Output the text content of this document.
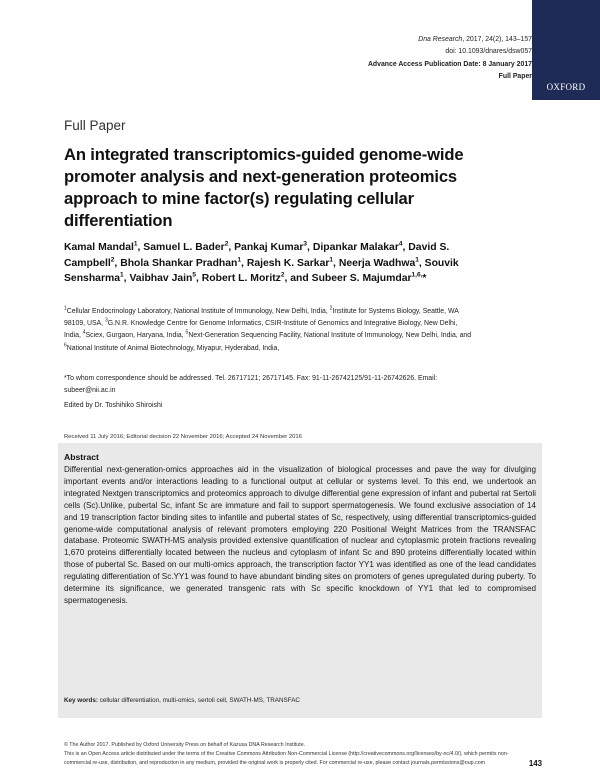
Dna Research, 2017, 24(2), 143–157
doi: 10.1093/dnares/dsw057
Advance Access Publication Date: 8 January 2017
Full Paper
OXFORD
Full Paper
An integrated transcriptomics-guided genome-wide promoter analysis and next-generation proteomics approach to mine factor(s) regulating cellular differentiation
Kamal Mandal$^1$, Samuel L. Bader$^2$, Pankaj Kumar$^3$, Dipankar Malakar$^4$, David S. Campbell$^2$, Bhola Shankar Pradhan$^1$, Rajesh K. Sarkar$^1$, Neerja Wadhwa$^1$, Souvik Sensharma$^1$, Vaibhav Jain$^5$, Robert L. Moritz$^2$, and Subeer S. Majumdar$^{1,6,}$*
$^1$Cellular Endocrinology Laboratory, National Institute of Immunology, New Delhi, India, $^2$Institute for Systems Biology, Seattle, WA 98109, USA, $^3$G.N.R. Knowledge Centre for Genome Informatics, CSIR-Institute of Genomics and Integrative Biology, New Delhi, India, $^4$Sciex, Gurgaon, Haryana, India, $^5$Next-Generation Sequencing Facility, National Institute of Immunology, New Delhi, India, and $^6$National Institute of Animal Biotechnology, Miyapur, Hyderabad, India,
*To whom correspondence should be addressed. Tel. 26717121; 26717145. Fax: 91-11-26742125/91-11-26742626. Email: subeer@nii.ac.in
Edited by Dr. Toshihiko Shiroishi
Received 11 July 2016; Editorial decision 22 November 2016; Accepted 24 November 2016
Abstract
Differential next-generation-omics approaches aid in the visualization of biological processes and pave the way for divulging important events and/or interactions leading to a functional output at cellular or systems level. To this end, we undertook an integrated Nextgen transcriptomics and proteomics approach to divulge differential gene expression of infant and pubertal rat Sertoli cells (Sc).Unlike, pubertal Sc, infant Sc are immature and fail to support spermatogenesis. We found exclusive association of 14 and 19 transcription factor binding sites to infantile and pubertal states of Sc, respectively, using differential transcriptomics-guided genome-wide computational analysis of relevant promoters employing 220 Positional Weight Matrices from the TRANSFAC database. Proteomic SWATH-MS analysis provided extensive quantification of nuclear and cytoplasmic protein fractions revealing 1,670 proteins differentially located between the nucleus and cytoplasm of infant Sc and 890 proteins differentially located within those of pubertal Sc. Based on our multi-omics approach, the transcription factor YY1 was identified as one of the lead candidates regulating differentiation of Sc.YY1 was found to have abundant binding sites on promoters of genes upregulated during puberty. To determine its significance, we generated transgenic rats with Sc specific knockdown of YY1 that led to compromised spermatogenesis.
Key words: cellular differentiation, multi-omics, sertoli cell, SWATH-MS, TRANSFAC
© The Author 2017. Published by Oxford University Press on behalf of Kazusa DNA Research Institute.
This is an Open Access article distributed under the terms of the Creative Commons Attribution Non-Commercial License (http://creativecommons.org/licenses/by-nc/4.0/), which permits non-commercial re-use, distribution, and reproduction in any medium, provided the original work is properly cited. For commercial re-use, please contact journals.permissions@oup.com	143
